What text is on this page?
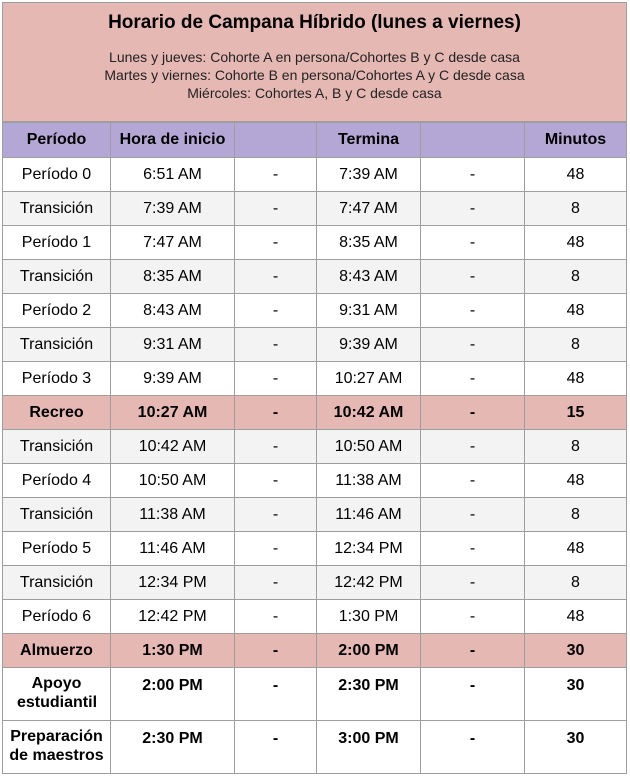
Horario de Campana Híbrido (lunes a viernes)
Lunes y jueves: Cohorte A en persona/Cohortes B y C desde casa
Martes y viernes: Cohorte B en persona/Cohortes A y C desde casa
Miércoles: Cohortes A, B y C desde casa					

Período	Hora de inicio		Termina		Minutos
Período 0	6:51 AM	-	7:39 AM	-	48
Transición	7:39 AM	-	7:47 AM	-	8
Período 1	7:47 AM	-	8:35 AM	-	48
Transición	8:35 AM	-	8:43 AM	-	8
Período 2	8:43 AM	-	9:31 AM	-	48
Transición	9:31 AM	-	9:39 AM	-	8
Período 3	9:39 AM	-	10:27 AM	-	48
Recreo	10:27 AM	-	10:42 AM	-	15
Transición	10:42 AM	-	10:50 AM	-	8
Período 4	10:50 AM	-	11:38 AM	-	48
Transición	11:38 AM	-	11:46 AM	-	8
Período 5	11:46 AM	-	12:34 PM	-	48
Transición	12:34 PM	-	12:42 PM	-	8
Período 6	12:42 PM	-	1:30 PM	-	48
Almuerzo	1:30 PM	-	2:00 PM	-	30
Apoyo estudiantil	2:00 PM	-	2:30 PM	-	30
Preparación de maestros	2:30 PM	-	3:00 PM	-	30
